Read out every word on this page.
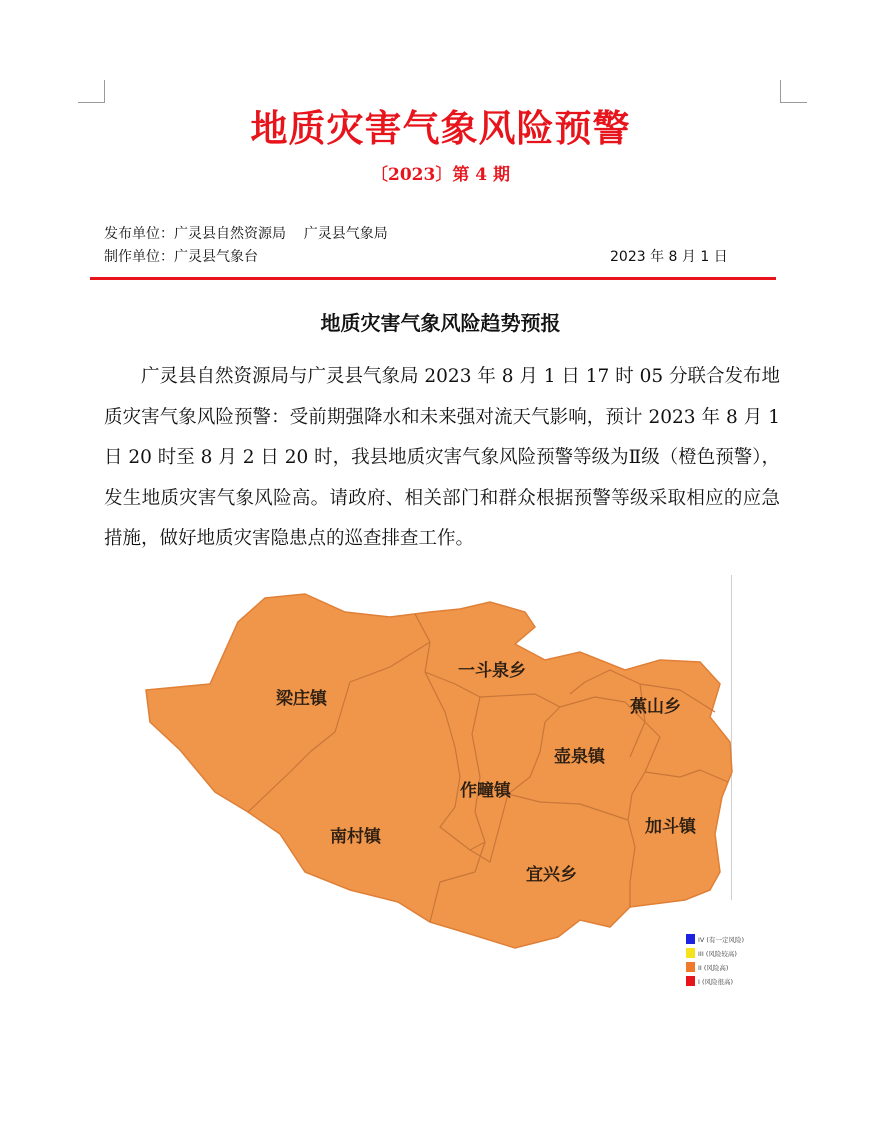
地质灾害气象风险预警
〔2023〕第 4 期
发布单位：广灵县自然资源局    广灵县气象局
制作单位：广灵县气象台	2023 年 8 月 1 日
地质灾害气象风险趋势预报

广灵县自然资源局与广灵县气象局 2023 年 8 月 1 日 17 时 05 分联合发布地质灾害气象风险预警：受前期强降水和未来强对流天气影响，预计 2023 年 8 月 1 日 20 时至 8 月 2 日 20 时，我县地质灾害气象风险预警等级为Ⅱ级（橙色预警），发生地质灾害气象风险高。请政府、相关部门和群众根据预警等级采取相应的应急措施，做好地质灾害隐患点的巡查排查工作。

梁庄镇
一斗泉乡
蕉山乡
壶泉镇
作疃镇
南村镇	加斗镇
宜兴乡
IV (有一定风险)
III (风险较高)
II (风险高)
I (风险很高)
